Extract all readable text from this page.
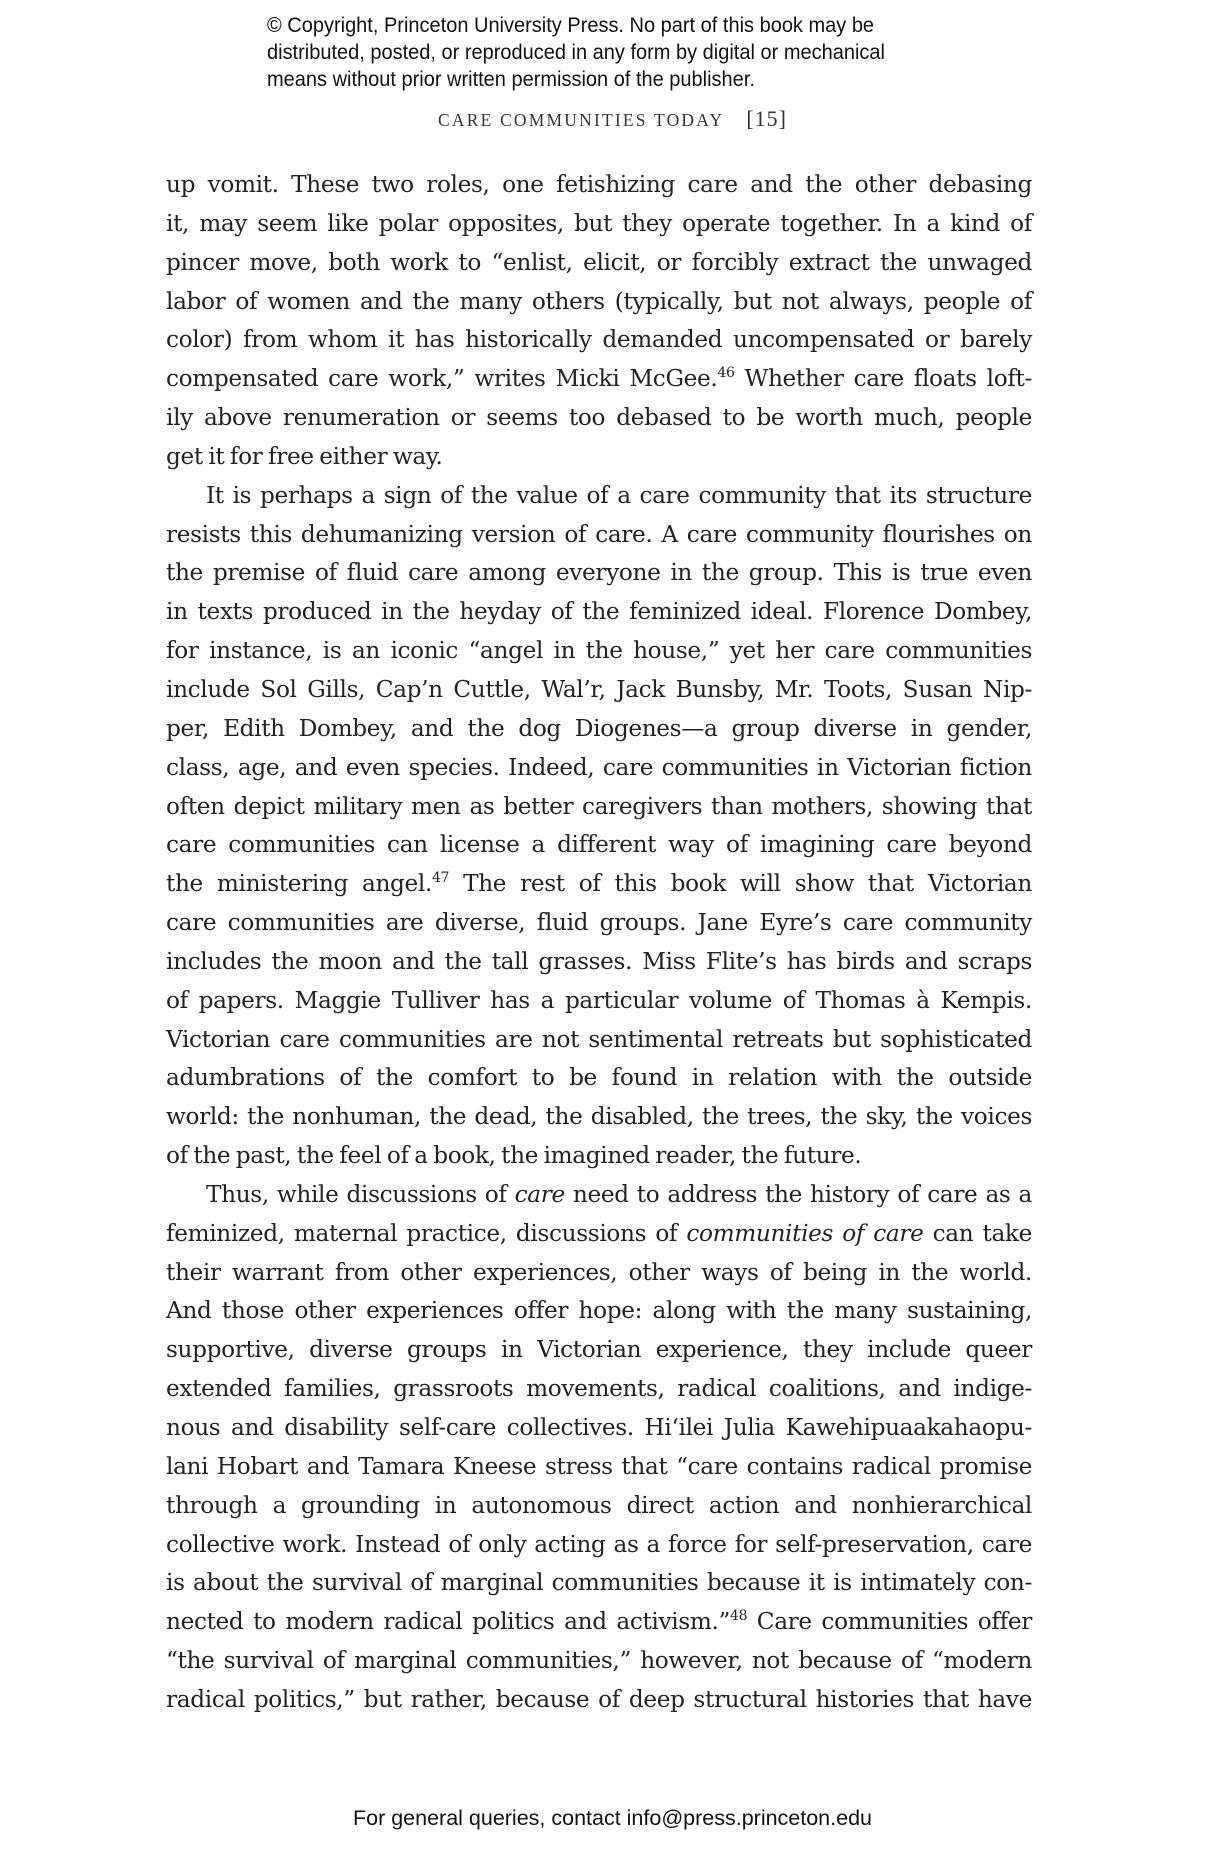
© Copyright, Princeton University Press. No part of this book may be
distributed, posted, or reproduced in any form by digital or mechanical
means without prior written permission of the publisher.
CARE COMMUNITIES TODAY [15]
up vomit. These two roles, one fetishizing care and the other debasing
it, may seem like polar opposites, but they operate together. In a kind of
pincer move, both work to “enlist, elicit, or forcibly extract the unwaged
labor of women and the many others (typically, but not always, people of
color) from whom it has historically demanded uncompensated or barely
compensated care work,” writes Micki McGee.$^{46}$ Whether care floats loft-
ily above renumeration or seems too debased to be worth much, people
get it for free either way.
It is perhaps a sign of the value of a care community that its structure
resists this dehumanizing version of care. A care community flourishes on
the premise of fluid care among everyone in the group. This is true even
in texts produced in the heyday of the feminized ideal. Florence Dombey,
for instance, is an iconic “angel in the house,” yet her care communities
include Sol Gills, Cap’n Cuttle, Wal’r, Jack Bunsby, Mr. Toots, Susan Nip-
per, Edith Dombey, and the dog Diogenes—a group diverse in gender,
class, age, and even species. Indeed, care communities in Victorian fiction
often depict military men as better caregivers than mothers, showing that
care communities can license a different way of imagining care beyond
the ministering angel.$^{47}$ The rest of this book will show that Victorian
care communities are diverse, fluid groups. Jane Eyre’s care community
includes the moon and the tall grasses. Miss Flite’s has birds and scraps
of papers. Maggie Tulliver has a particular volume of Thomas à Kempis.
Victorian care communities are not sentimental retreats but sophisticated
adumbrations of the comfort to be found in relation with the outside
world: the nonhuman, the dead, the disabled, the trees, the sky, the voices
of the past, the feel of a book, the imagined reader, the future.
Thus, while discussions of care need to address the history of care as a
feminized, maternal practice, discussions of communities of care can take
their warrant from other experiences, other ways of being in the world.
And those other experiences offer hope: along with the many sustaining,
supportive, diverse groups in Victorian experience, they include queer
extended families, grassroots movements, radical coalitions, and indige-
nous and disability self-care collectives. Hiʻilei Julia Kawehipuaakahaopu-
lani Hobart and Tamara Kneese stress that “care contains radical promise
through a grounding in autonomous direct action and nonhierarchical
collective work. Instead of only acting as a force for self-preservation, care
is about the survival of marginal communities because it is intimately con-
nected to modern radical politics and activism.”$^{48}$ Care communities offer
“the survival of marginal communities,” however, not because of “modern
radical politics,” but rather, because of deep structural histories that have
For general queries, contact info@press.princeton.edu
